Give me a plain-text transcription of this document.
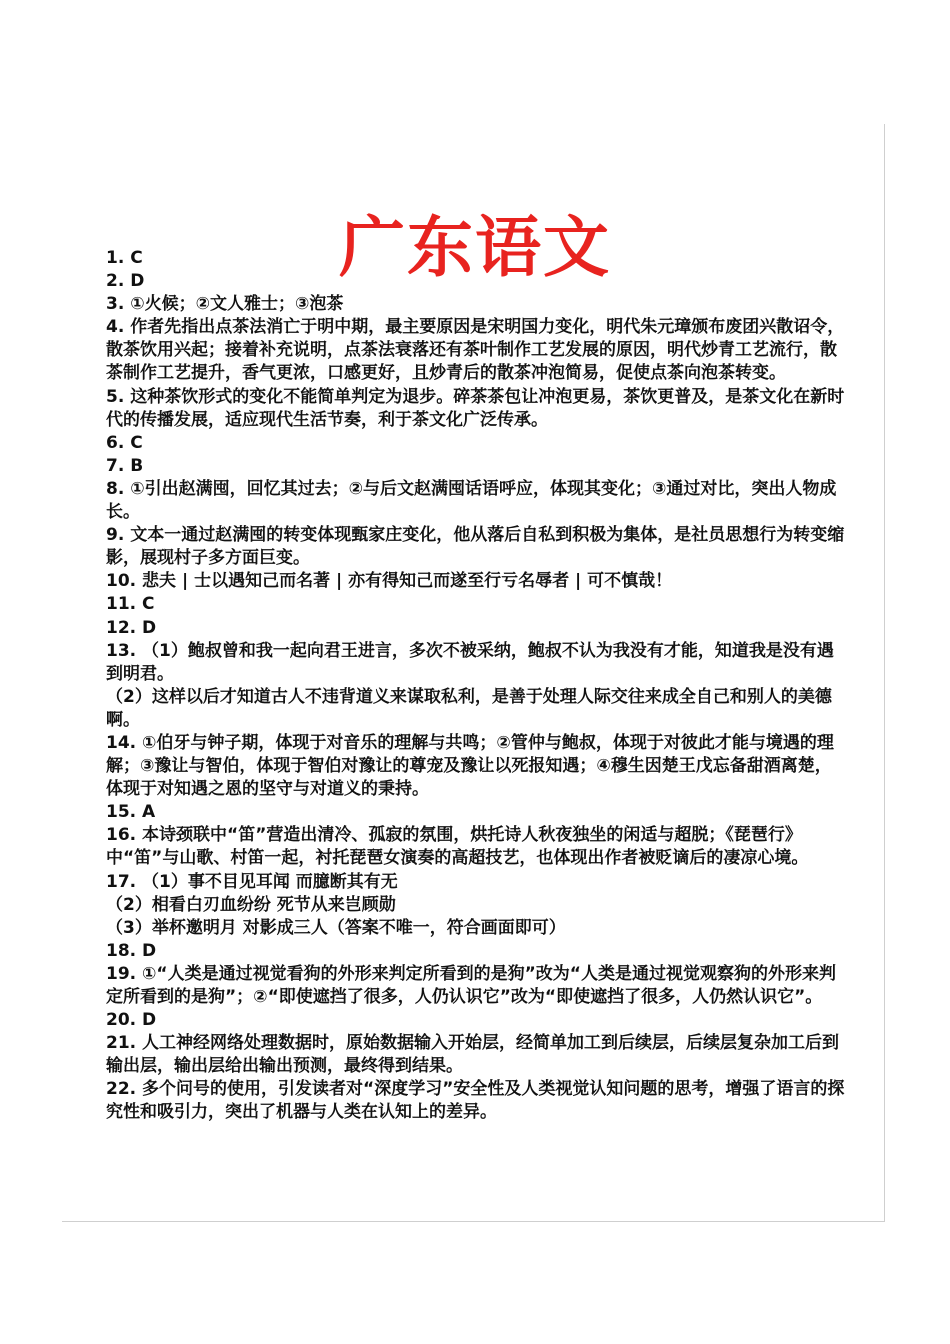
广东语文
1. C
2. D
3. ①火候；②文人雅士；③泡茶
4. 作者先指出点茶法消亡于明中期，最主要原因是宋明国力变化，明代朱元璋颁布废团兴散诏令，散茶饮用兴起；接着补充说明，点茶法衰落还有茶叶制作工艺发展的原因，明代炒青工艺流行，散茶制作工艺提升，香气更浓，口感更好，且炒青后的散茶冲泡简易，促使点茶向泡茶转变。
5. 这种茶饮形式的变化不能简单判定为退步。碎茶茶包让冲泡更易，茶饮更普及，是茶文化在新时代的传播发展，适应现代生活节奏，利于茶文化广泛传承。
6. C
7. B
8. ①引出赵满囤，回忆其过去；②与后文赵满囤话语呼应，体现其变化；③通过对比，突出人物成长。
9. 文本一通过赵满囤的转变体现甄家庄变化，他从落后自私到积极为集体，是社员思想行为转变缩影，展现村子多方面巨变。
10. 悲夫 | 士以遇知己而名著 | 亦有得知己而遂至行亏名辱者 | 可不慎哉！
11. C
12. D
13. （1）鲍叔曾和我一起向君王进言，多次不被采纳，鲍叔不认为我没有才能，知道我是没有遇到明君。
（2）这样以后才知道古人不违背道义来谋取私利，是善于处理人际交往来成全自己和别人的美德啊。
14. ①伯牙与钟子期，体现于对音乐的理解与共鸣；②管仲与鲍叔，体现于对彼此才能与境遇的理解；③豫让与智伯，体现于智伯对豫让的尊宠及豫让以死报知遇；④穆生因楚王戊忘备甜酒离楚，体现于对知遇之恩的坚守与对道义的秉持。
15. A
16. 本诗颈联中“笛”营造出清冷、孤寂的氛围，烘托诗人秋夜独坐的闲适与超脱；《琵琶行》中“笛”与山歌、村笛一起，衬托琵琶女演奏的高超技艺，也体现出作者被贬谪后的凄凉心境。
17. （1）事不目见耳闻 而臆断其有无
（2）相看白刃血纷纷 死节从来岂顾勋
（3）举杯邀明月 对影成三人（答案不唯一，符合画面即可）
18. D
19. ①“人类是通过视觉看狗的外形来判定所看到的是狗”改为“人类是通过视觉观察狗的外形来判定所看到的是狗”；②“即使遮挡了很多，人仍认识它”改为“即使遮挡了很多，人仍然认识它”。
20. D
21. 人工神经网络处理数据时，原始数据输入开始层，经简单加工到后续层，后续层复杂加工后到输出层，输出层给出输出预测，最终得到结果。
22. 多个问号的使用，引发读者对“深度学习”安全性及人类视觉认知问题的思考，增强了语言的探究性和吸引力，突出了机器与人类在认知上的差异。
